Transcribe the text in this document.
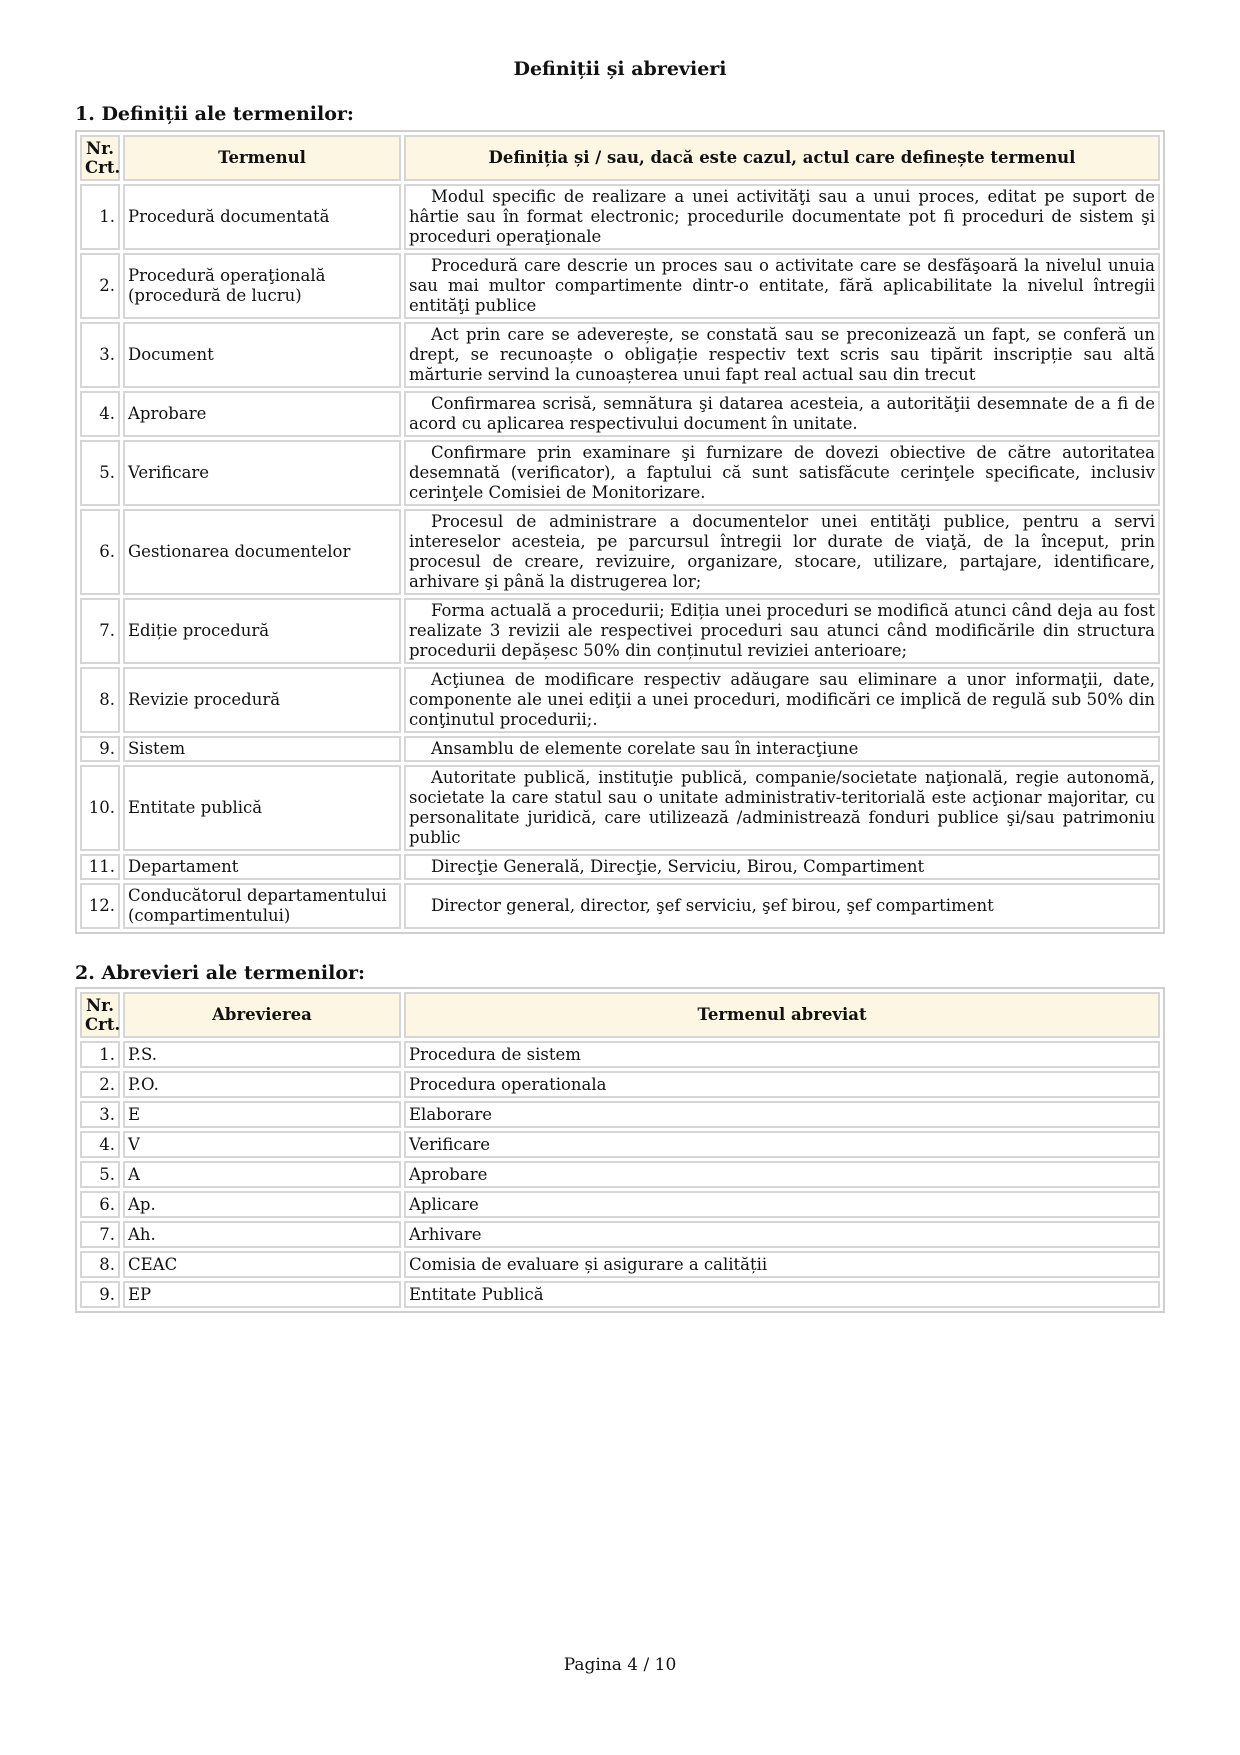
Definiții și abrevieri
1. Definiții ale termenilor:
Nr. Crt.	Termenul	Definiția și / sau, dacă este cazul, actul care definește termenul
1.	Procedură documentată	Modul specific de realizare a unei activităţi sau a unui proces, editat pe suport de hârtie sau în format electronic; procedurile documentate pot fi proceduri de sistem şi proceduri operaţionale
2.	Procedură operaţională (procedură de lucru)	Procedură care descrie un proces sau o activitate care se desfăşoară la nivelul unuia sau mai multor compartimente dintr-o entitate, fără aplicabilitate la nivelul întregii entităţi publice
3.	Document	Act prin care se adeverește, se constată sau se preconizează un fapt, se conferă un drept, se recunoaște o obligație respectiv text scris sau tipărit inscripție sau altă mărturie servind la cunoașterea unui fapt real actual sau din trecut
4.	Aprobare	Confirmarea scrisă, semnătura şi datarea acesteia, a autorităţii desemnate de a fi de acord cu aplicarea respectivului document în unitate.
5.	Verificare	Confirmare prin examinare şi furnizare de dovezi obiective de către autoritatea desemnată (verificator), a faptului că sunt satisfăcute cerinţele specificate, inclusiv cerinţele Comisiei de Monitorizare.
6.	Gestionarea documentelor	Procesul de administrare a documentelor unei entităţi publice, pentru a servi intereselor acesteia, pe parcursul întregii lor durate de viaţă, de la început, prin procesul de creare, revizuire, organizare, stocare, utilizare, partajare, identificare, arhivare şi până la distrugerea lor;
7.	Ediție procedură	Forma actuală a procedurii; Ediția unei proceduri se modifică atunci când deja au fost realizate 3 revizii ale respectivei proceduri sau atunci când modificările din structura procedurii depășesc 50% din conținutul reviziei anterioare;
8.	Revizie procedură	Acţiunea de modificare respectiv adăugare sau eliminare a unor informaţii, date, componente ale unei ediţii a unei proceduri, modificări ce implică de regulă sub 50% din conţinutul procedurii;.
9.	Sistem	Ansamblu de elemente corelate sau în interacţiune
10.	Entitate publică	Autoritate publică, instituţie publică, companie/societate naţională, regie autonomă, societate la care statul sau o unitate administrativ-teritorială este acţionar majoritar, cu personalitate juridică, care utilizează /administrează fonduri publice şi/sau patrimoniu public
11.	Departament	Direcţie Generală, Direcţie, Serviciu, Birou, Compartiment
12.	Conducătorul departamentului (compartimentului)	Director general, director, şef serviciu, şef birou, şef compartiment
2. Abrevieri ale termenilor:
Nr. Crt.	Abrevierea	Termenul abreviat
1.	P.S.	Procedura de sistem
2.	P.O.	Procedura operationala
3.	E	Elaborare
4.	V	Verificare
5.	A	Aprobare
6.	Ap.	Aplicare
7.	Ah.	Arhivare
8.	CEAC	Comisia de evaluare și asigurare a calității
9.	EP	Entitate Publică
Pagina 4 / 10
